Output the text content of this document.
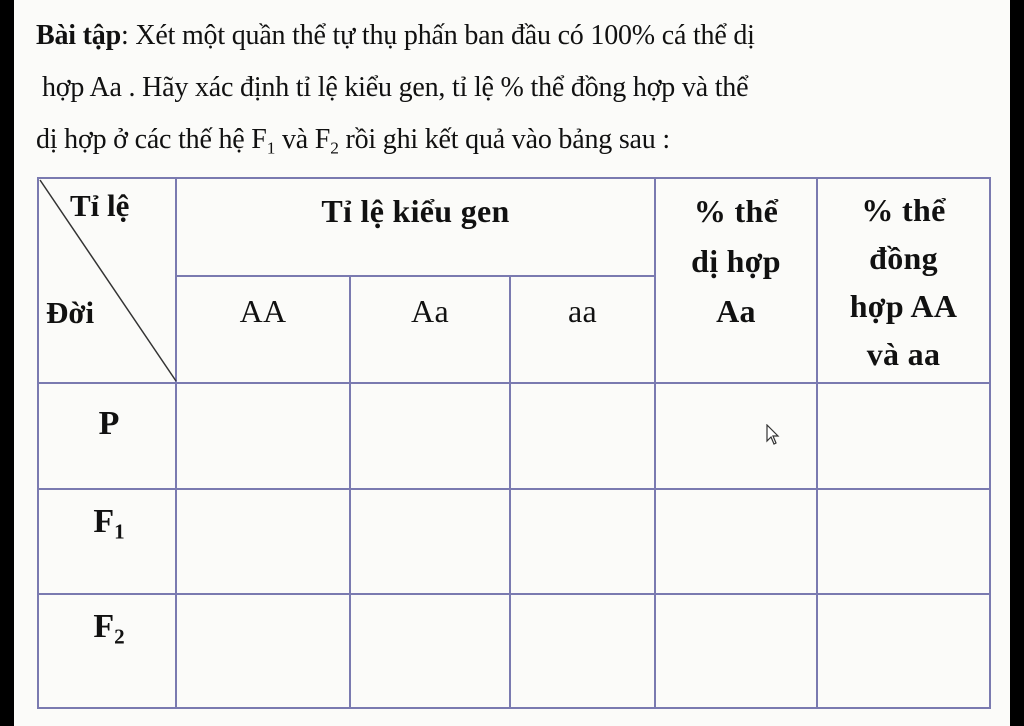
Bài tập: Xét một quần thể tự thụ phấn ban đầu có 100% cá thể dị
hợp Aa . Hãy xác định tỉ lệ kiểu gen, tỉ lệ % thể đồng hợp và thể
dị hợp ở các thế hệ $F_1$ và $F_2$ rồi ghi kết quả vào bảng sau :
Tỉ lệ
Đời
Tỉ lệ kiểu gen
AA	Aa	aa
% thể
dị hợp
Aa
% thể
đồng
hợp AA
và aa
P
$F_1$
$F_2$
